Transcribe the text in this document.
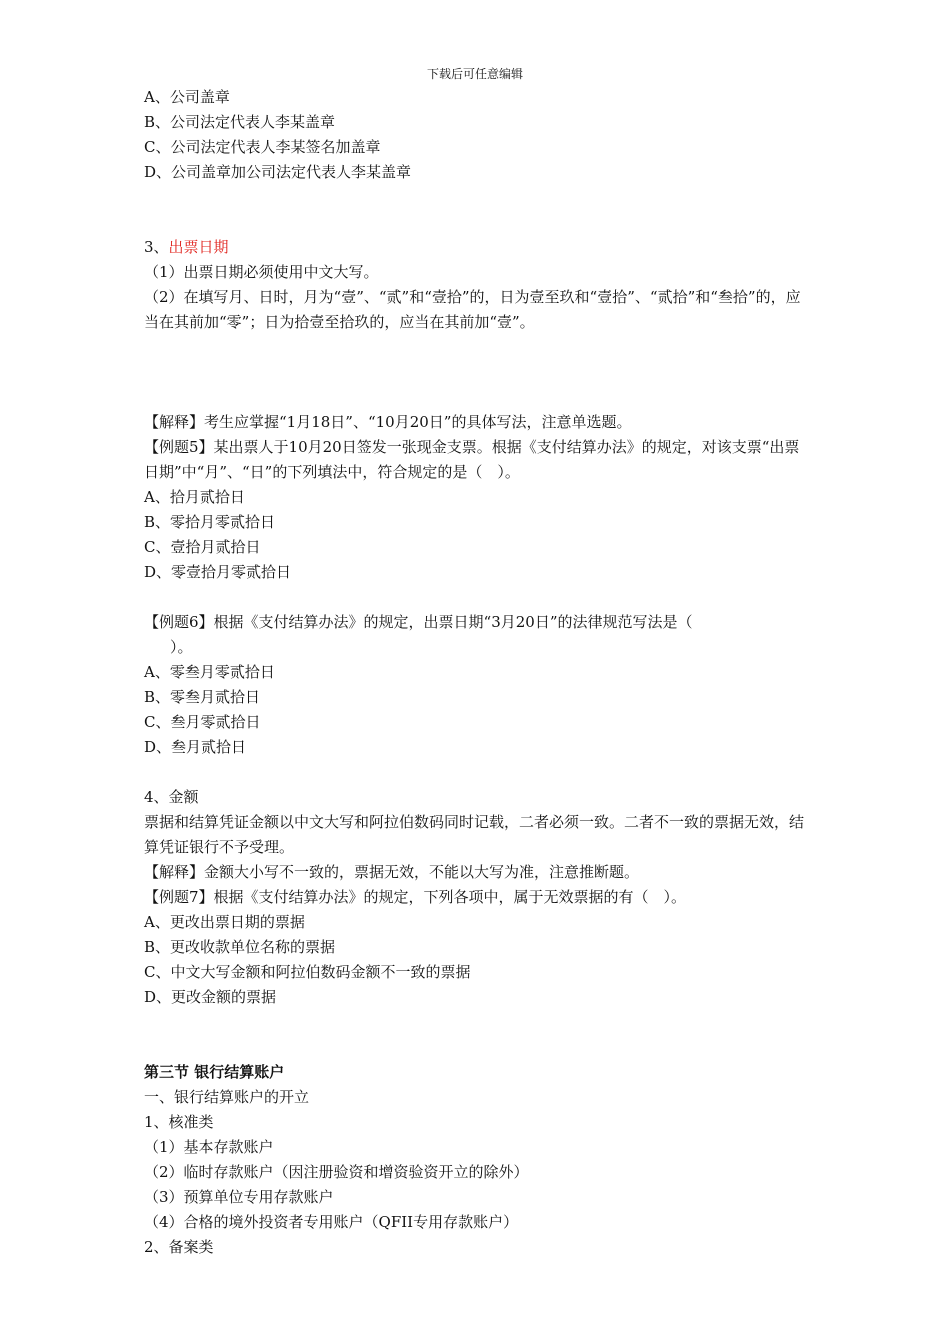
下载后可任意编辑

A、公司盖章

B、公司法定代表人李某盖章

C、公司法定代表人李某签名加盖章

D、公司盖章加公司法定代表人李某盖章

3、出票日期

（1）出票日期必须使用中文大写。

（2）在填写月、日时，月为“壹”、“贰”和“壹拾”的，日为壹至玖和“壹拾”、“贰拾”和“叁拾”的，应当在其前加“零”；日为拾壹至拾玖的，应当在其前加“壹”。

【解释】考生应掌握“1月18日”、“10月20日”的具体写法，注意单选题。

【例题5】某出票人于10月20日签发一张现金支票。根据《支付结算办法》的规定，对该支票“出票日期”中“月”、“日”的下列填法中，符合规定的是（　）。

A、拾月贰拾日

B、零拾月零贰拾日

C、壹拾月贰拾日

D、零壹拾月零贰拾日

【例题6】根据《支付结算办法》的规定，出票日期“3月20日”的法律规范写法是（

）。

A、零叁月零贰拾日

B、零叁月贰拾日

C、叁月零贰拾日

D、叁月贰拾日

4、金额

票据和结算凭证金额以中文大写和阿拉伯数码同时记载，二者必须一致。二者不一致的票据无效，结算凭证银行不予受理。

【解释】金额大小写不一致的，票据无效，不能以大写为准，注意推断题。

【例题7】根据《支付结算办法》的规定，下列各项中，属于无效票据的有（　）。

A、更改出票日期的票据

B、更改收款单位名称的票据

C、中文大写金额和阿拉伯数码金额不一致的票据

D、更改金额的票据

第三节 银行结算账户

一、银行结算账户的开立

1、核准类

（1）基本存款账户

（2）临时存款账户（因注册验资和增资验资开立的除外）

（3）预算单位专用存款账户

（4）合格的境外投资者专用账户（QFII专用存款账户）

2、备案类
